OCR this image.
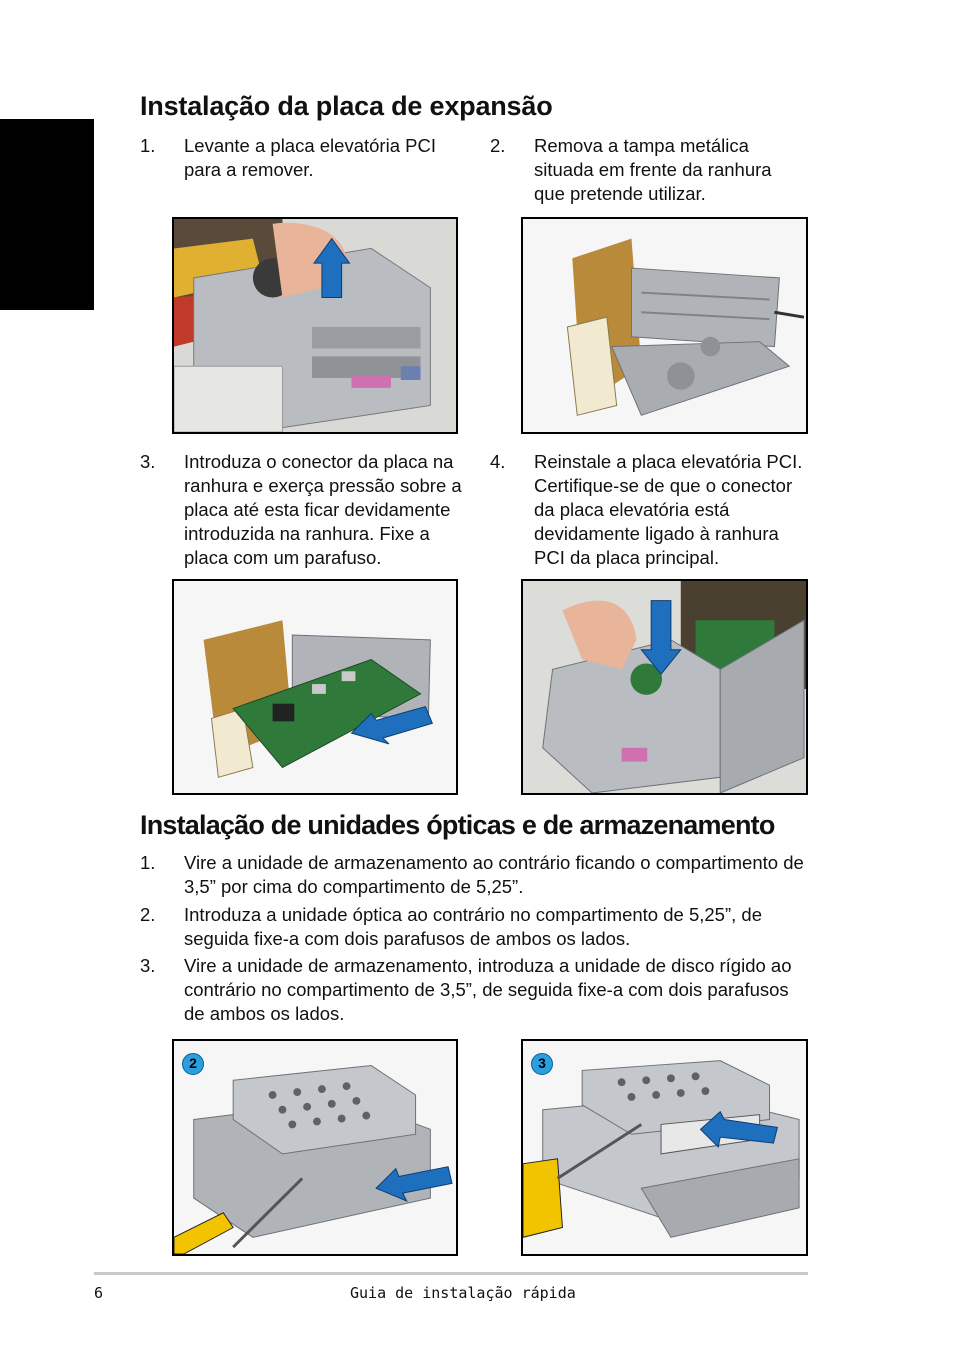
Instalação da placa de expansão
1. Levante a placa elevatória PCI para a remover.
2. Remova a tampa metálica situada em frente da ranhura que pretende utilizar.
3. Introduza o conector da placa na ranhura e exerça pressão sobre a placa até esta ficar devidamente introduzida na ranhura. Fixe a placa com um parafuso.
4. Reinstale a placa elevatória PCI. Certifique-se de que o conector da placa elevatória está devidamente ligado à ranhura PCI da placa principal.
Instalação de unidades ópticas e de armazenamento
1. Vire a unidade de armazenamento ao contrário ficando o compartimento de 3,5” por cima do compartimento de 5,25”.
2. Introduza a unidade óptica ao contrário no compartimento de 5,25”, de seguida fixe-a com dois parafusos de ambos os lados.
3. Vire a unidade de armazenamento, introduza a unidade de disco rígido ao contrário no compartimento de 3,5”, de seguida fixe-a com dois parafusos de ambos os lados.
2	3
6	Guia de instalação rápida
